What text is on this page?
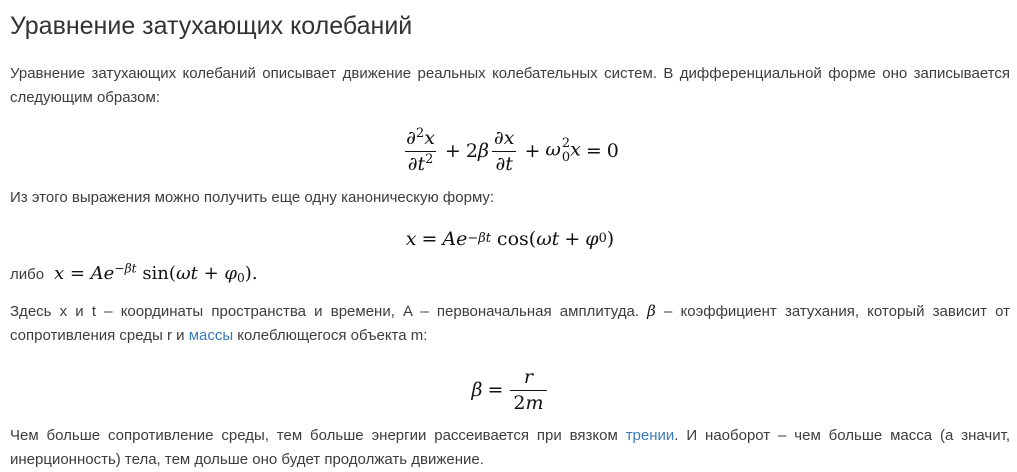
Уравнение затухающих колебаний

Уравнение затухающих колебаний описывает движение реальных колебательных систем. В дифференциальной форме оно записывается следующим образом:

$\frac{\partial^2x}{\partial t^2} + 2\beta \frac{\partial x}{\partial t} + \omega$ 2
0 x = 0

Из этого выражения можно получить еще одну каноническую форму:

x = A e −βt cos( ωt + φ 0 )

либо $x = Ae^{-\beta t}$ $\sin(\omega t + \varphi_0)$.

Здесь x и t – координаты пространства и времени, A – первоначальная амплитуда. β – коэффициент затухания, который зависит от сопротивления среды r и массы колеблющегося объекта m:

$\beta = \frac{r}{2m}$

Чем больше сопротивление среды, тем больше энергии рассеивается при вязком трении. И наоборот – чем больше масса (а значит, инерционность) тела, тем дольше оно будет продолжать движение.
